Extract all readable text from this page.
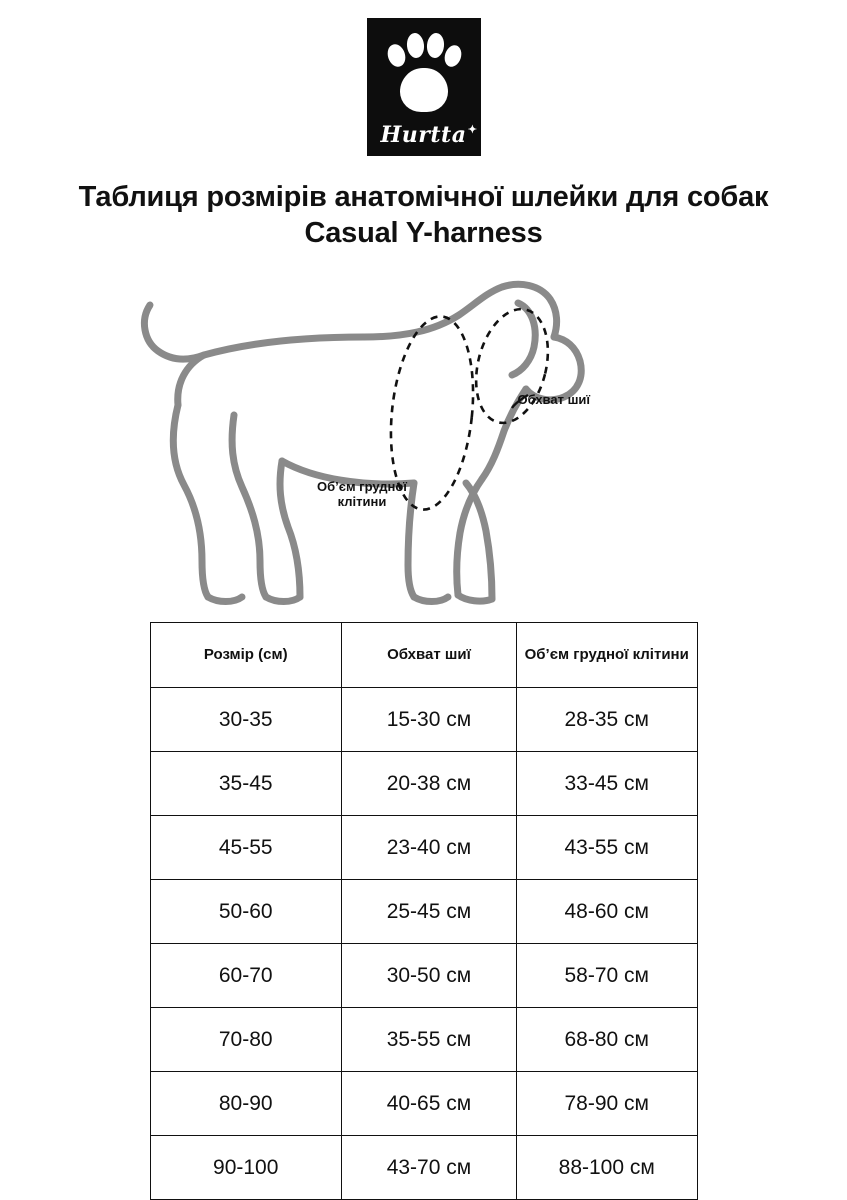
Hurtta ✦
Таблиця розмірів анатомічної шлейки для собак Casual Y-harness
Обхват шиї
Об’єм грудної клітини
Розмір (см)	Обхват шиї	Об’єм грудної клітини
30-35	15-30 см	28-35 см
35-45	20-38 см	33-45 см
45-55	23-40 см	43-55 см
50-60	25-45 см	48-60 см
60-70	30-50 см	58-70 см
70-80	35-55 см	68-80 см
80-90	40-65 см	78-90 см
90-100	43-70 см	88-100 см
